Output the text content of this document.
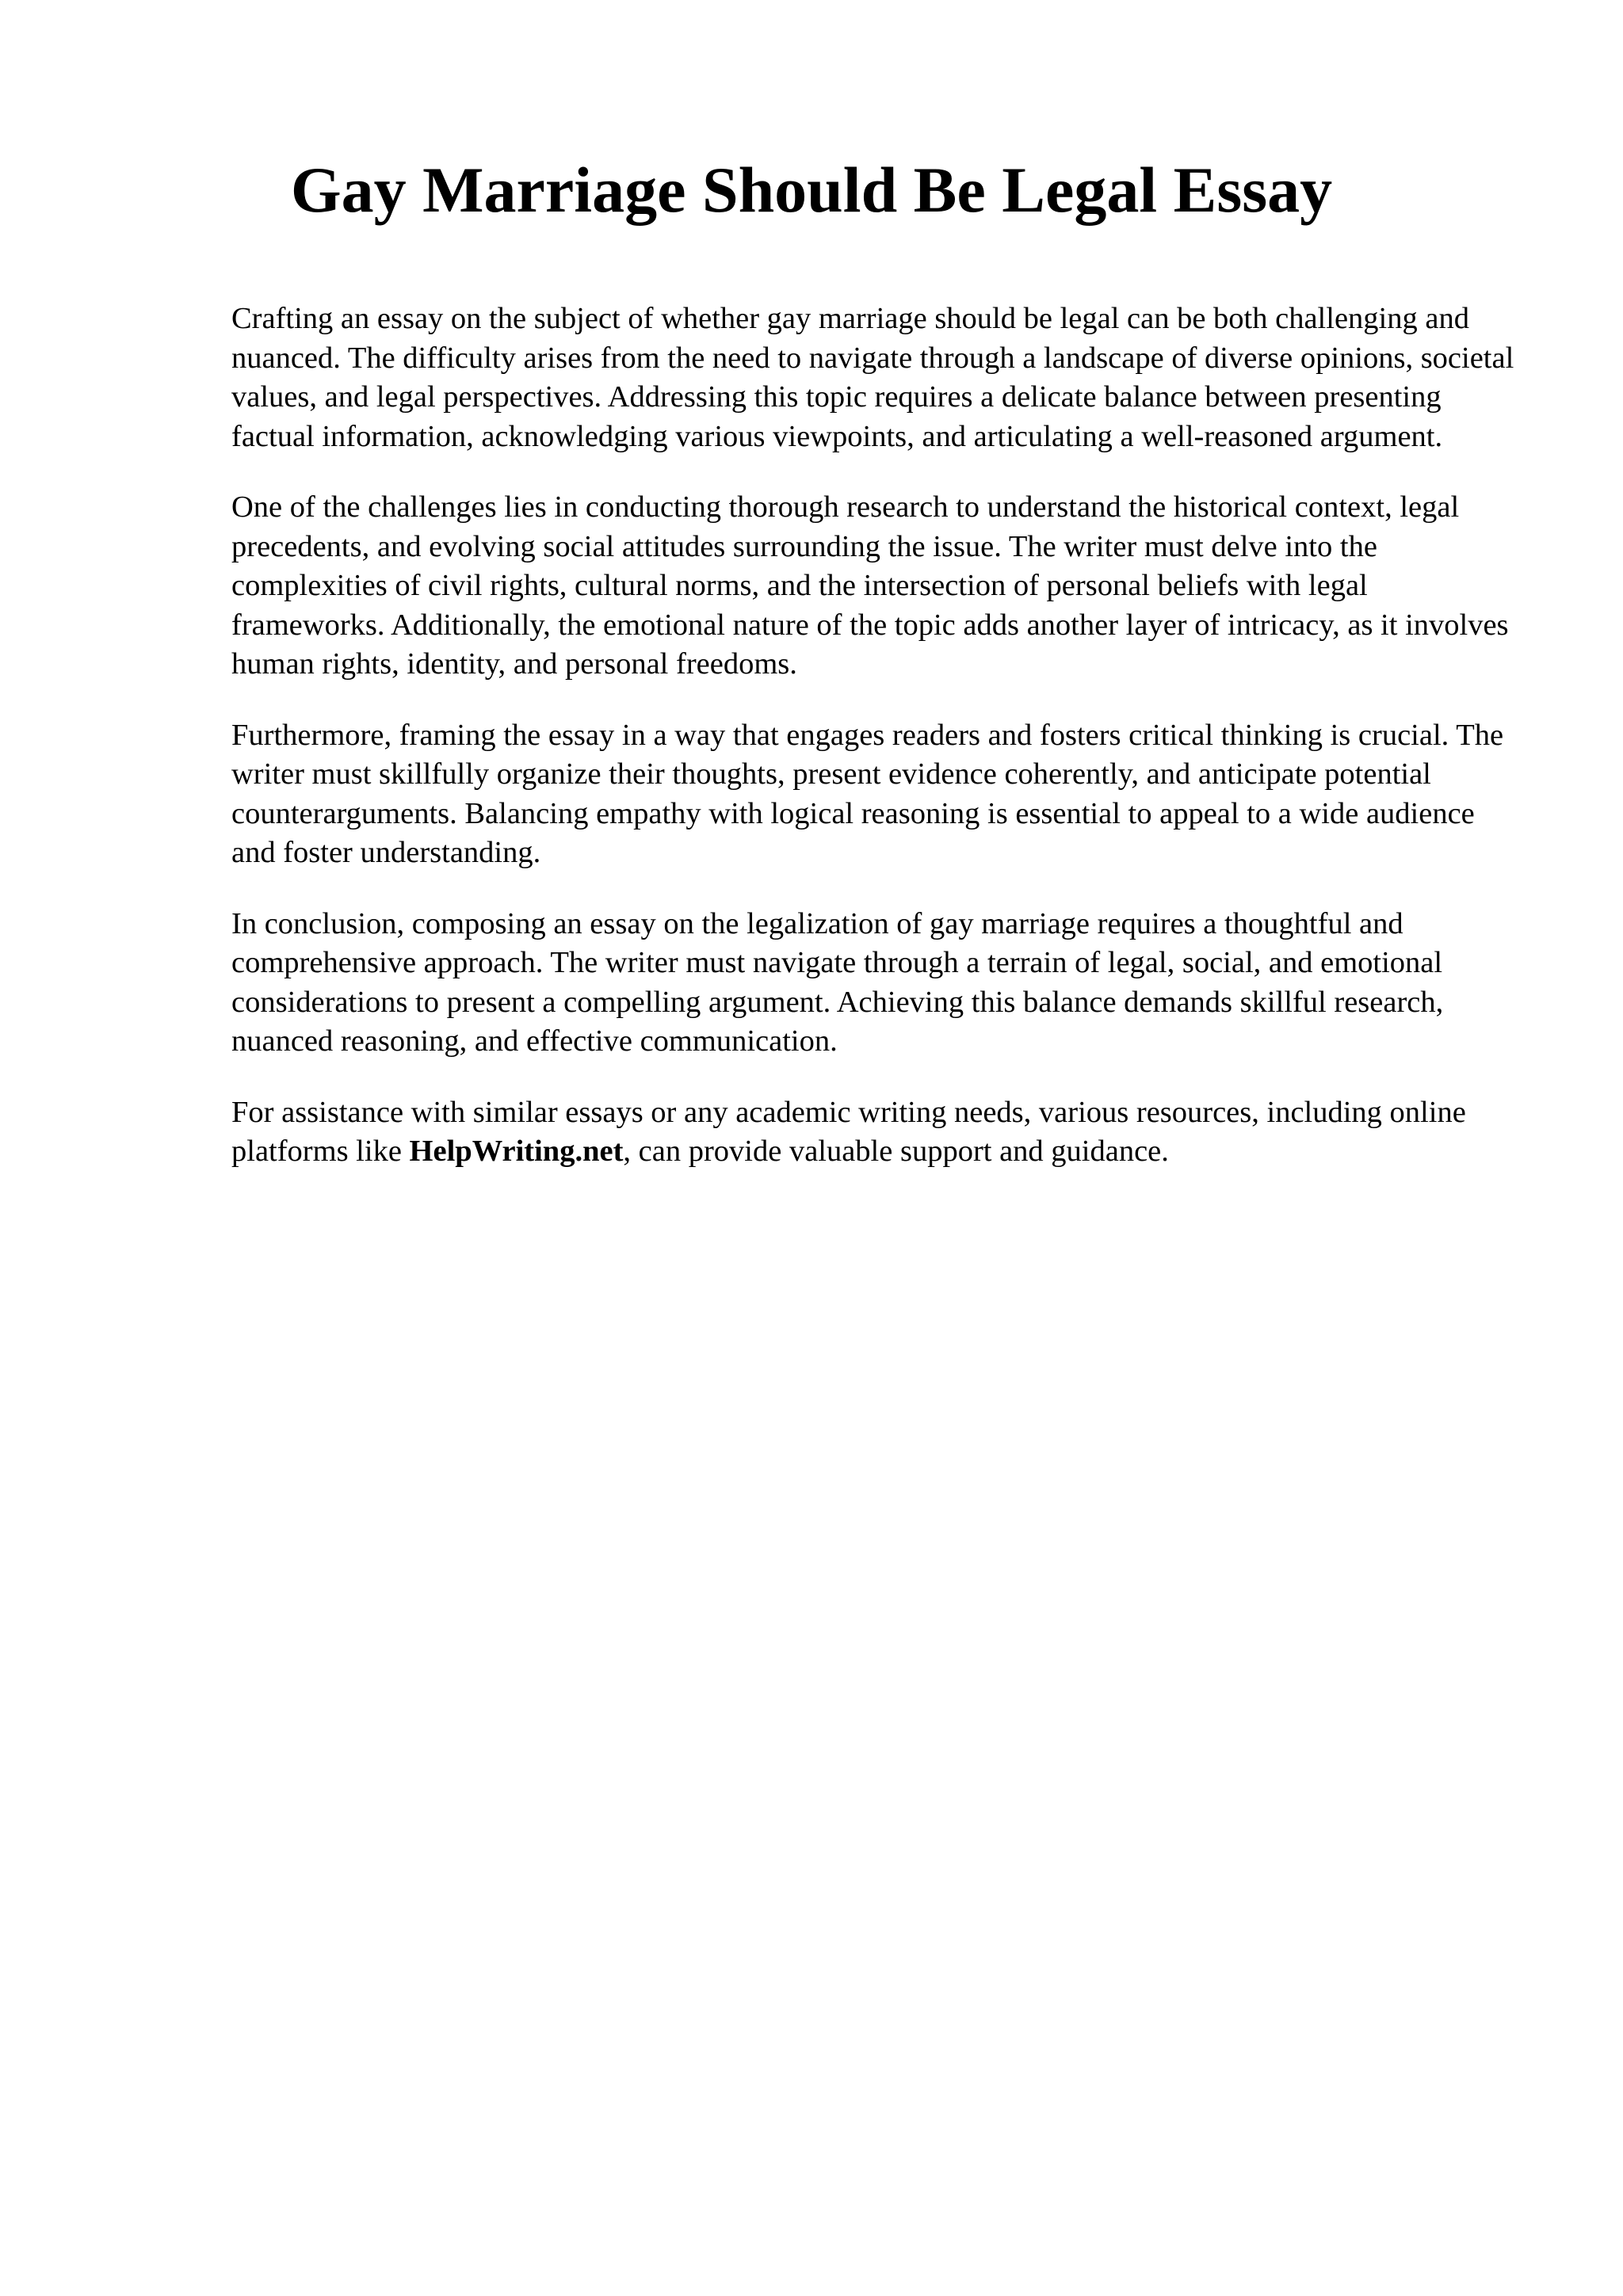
Gay Marriage Should Be Legal Essay

Crafting an essay on the subject of whether gay marriage should be legal can be both challenging and nuanced. The difficulty arises from the need to navigate through a landscape of diverse opinions, societal values, and legal perspectives. Addressing this topic requires a delicate balance between presenting factual information, acknowledging various viewpoints, and articulating a well-reasoned argument.

One of the challenges lies in conducting thorough research to understand the historical context, legal precedents, and evolving social attitudes surrounding the issue. The writer must delve into the complexities of civil rights, cultural norms, and the intersection of personal beliefs with legal frameworks. Additionally, the emotional nature of the topic adds another layer of intricacy, as it involves human rights, identity, and personal freedoms.

Furthermore, framing the essay in a way that engages readers and fosters critical thinking is crucial. The writer must skillfully organize their thoughts, present evidence coherently, and anticipate potential counterarguments. Balancing empathy with logical reasoning is essential to appeal to a wide audience and foster understanding.

In conclusion, composing an essay on the legalization of gay marriage requires a thoughtful and comprehensive approach. The writer must navigate through a terrain of legal, social, and emotional considerations to present a compelling argument. Achieving this balance demands skillful research, nuanced reasoning, and effective communication.

For assistance with similar essays or any academic writing needs, various resources, including online platforms like HelpWriting.net, can provide valuable support and guidance.
